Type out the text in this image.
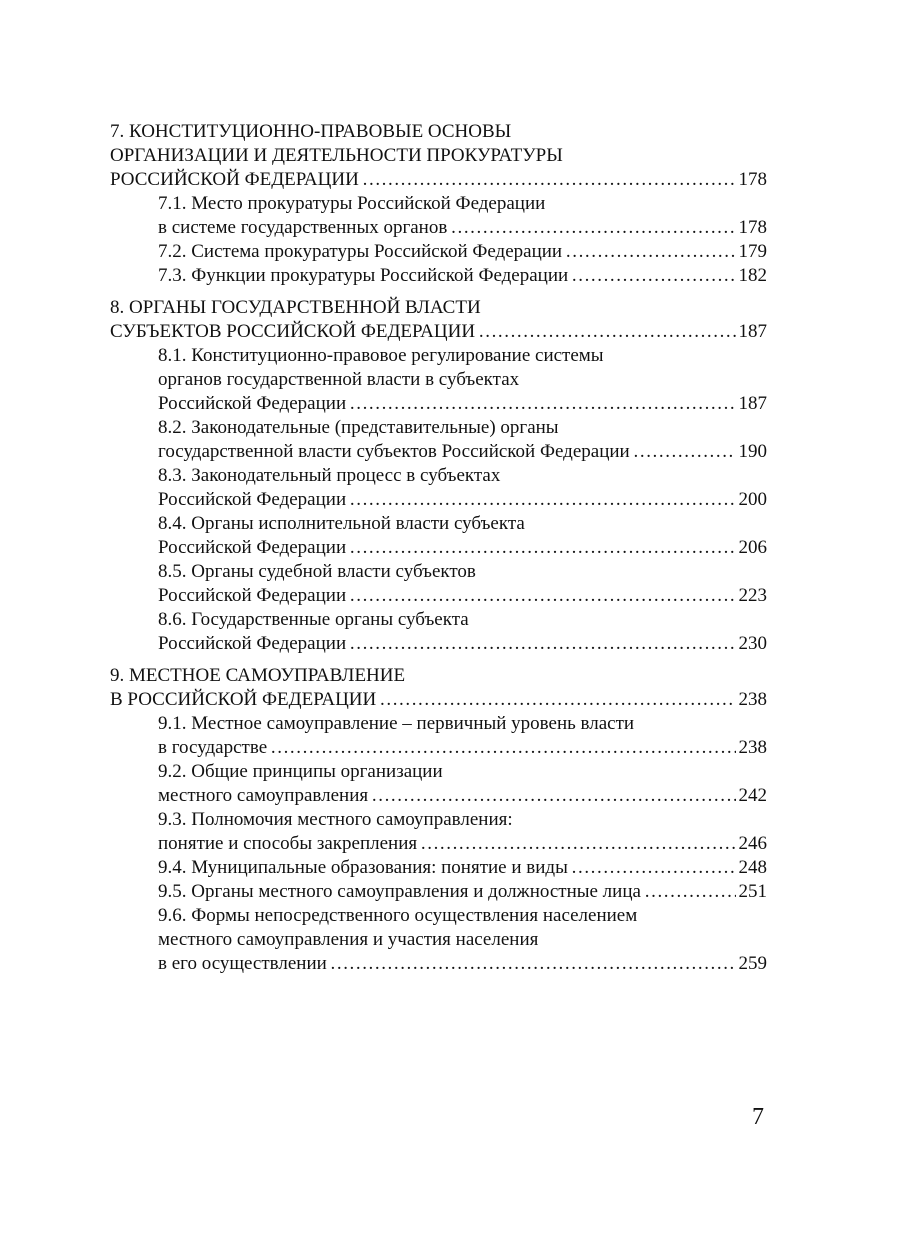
7. КОНСТИТУЦИОННО-ПРАВОВЫЕ ОСНОВЫ
ОРГАНИЗАЦИИ И ДЕЯТЕЛЬНОСТИ ПРОКУРАТУРЫ
РОССИЙСКОЙ ФЕДЕРАЦИИ ……………………………………………………………………………………………………………………………………………………………	178
7.1. Место прокуратуры Российской Федерации
в системе государственных органов ……………………………………………………………………………………………………………………………………………………………	178
7.2. Система прокуратуры Российской Федерации ……………………………………………………………………………………………………………………………………………………………	179
7.3. Функции прокуратуры Российской Федерации ……………………………………………………………………………………………………………………………………………………………	182
8. ОРГАНЫ ГОСУДАРСТВЕННОЙ ВЛАСТИ
СУБЪЕКТОВ РОССИЙСКОЙ ФЕДЕРАЦИИ ……………………………………………………………………………………………………………………………………………………………	187
8.1. Конституционно-правовое регулирование системы
органов государственной власти в субъектах
Российской Федерации ……………………………………………………………………………………………………………………………………………………………	187
8.2. Законодательные (представительные) органы
государственной власти субъектов Российской Федерации ……………………………………………………………………………………………………………………………………………………………	190
8.3. Законодательный процесс в субъектах
Российской Федерации ……………………………………………………………………………………………………………………………………………………………	200
8.4. Органы исполнительной власти субъекта
Российской Федерации ……………………………………………………………………………………………………………………………………………………………	206
8.5. Органы судебной власти субъектов
Российской Федерации ……………………………………………………………………………………………………………………………………………………………	223
8.6. Государственные органы субъекта
Российской Федерации ……………………………………………………………………………………………………………………………………………………………	230
9. МЕСТНОЕ САМОУПРАВЛЕНИЕ
В РОССИЙСКОЙ ФЕДЕРАЦИИ ……………………………………………………………………………………………………………………………………………………………	238
9.1. Местное самоуправление – первичный уровень власти
в государстве ……………………………………………………………………………………………………………………………………………………………	238
9.2. Общие принципы организации
местного самоуправления ……………………………………………………………………………………………………………………………………………………………	242
9.3. Полномочия местного самоуправления:
понятие и способы закрепления ……………………………………………………………………………………………………………………………………………………………	246
9.4. Муниципальные образования: понятие и виды ……………………………………………………………………………………………………………………………………………………………	248
9.5. Органы местного самоуправления и должностные лица ……………………………………………………………………………………………………………………………………………………………	251
9.6. Формы непосредственного осуществления населением
местного самоуправления и участия населения
в его осуществлении ……………………………………………………………………………………………………………………………………………………………	259
7
